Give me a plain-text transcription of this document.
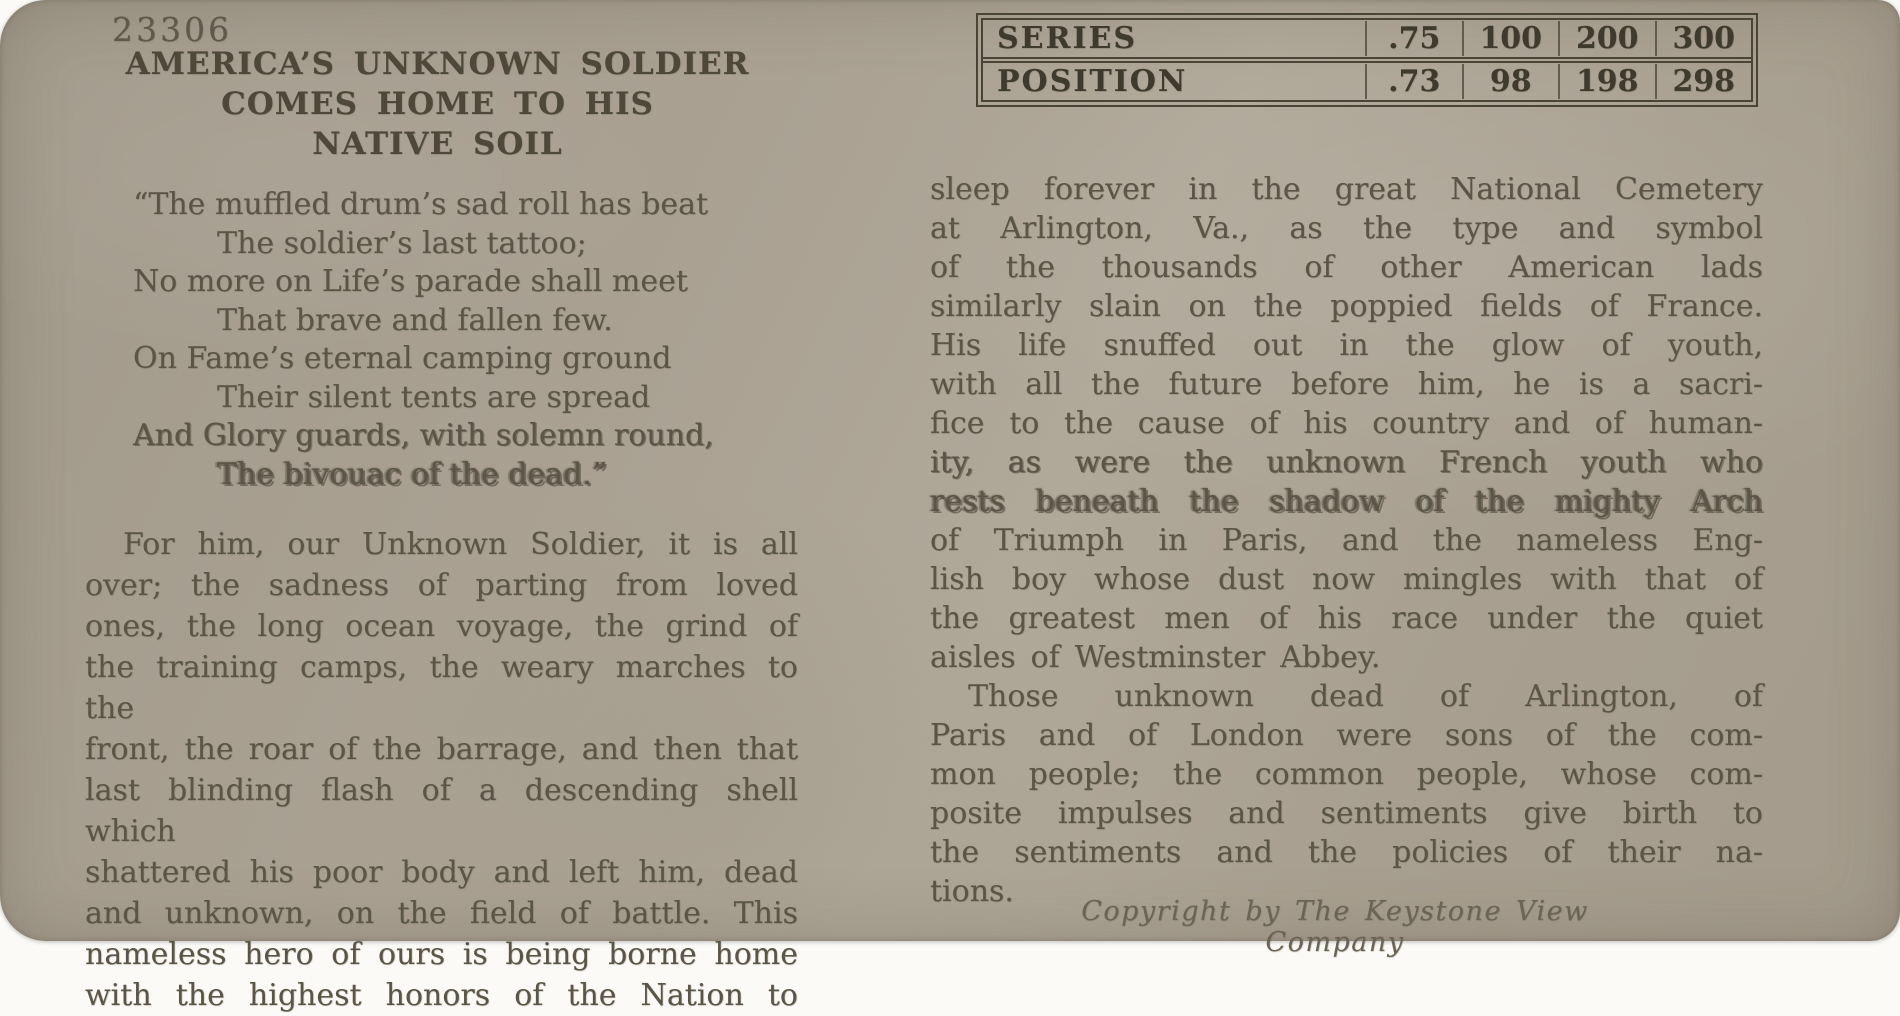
23306
AMERICA’S UNKNOWN SOLDIER
COMES HOME TO HIS
NATIVE SOIL
SERIES	.75	100	200	300
POSITION	.73	98	198	298
“The muffled drum’s sad roll has beat
The soldier’s last tattoo;
No more on Life’s parade shall meet
That brave and fallen few.
On Fame’s eternal camping ground
Their silent tents are spread
And Glory guards, with solemn round,
The bivouac of the dead.”
For him, our Unknown Soldier, it is all
over; the sadness of parting from loved
ones, the long ocean voyage, the grind of
the training camps, the weary marches to the
front, the roar of the barrage, and then that
last blinding flash of a descending shell which
shattered his poor body and left him, dead
and unknown, on the field of battle. This
nameless hero of ours is being borne home
with the highest honors of the Nation to
sleep forever in the great National Cemetery
at Arlington, Va., as the type and symbol
of the thousands of other American lads
similarly slain on the poppied fields of France.
His life snuffed out in the glow of youth,
with all the future before him, he is a sacri-
fice to the cause of his country and of human-
ity, as were the unknown French youth who
rests beneath the shadow of the mighty Arch
of Triumph in Paris, and the nameless Eng-
lish boy whose dust now mingles with that of
the greatest men of his race under the quiet
aisles of Westminster Abbey.
Those unknown dead of Arlington, of
Paris and of London were sons of the com-
mon people; the common people, whose com-
posite impulses and sentiments give birth to
the sentiments and the policies of their na-
tions.
Copyright by The Keystone View Company
